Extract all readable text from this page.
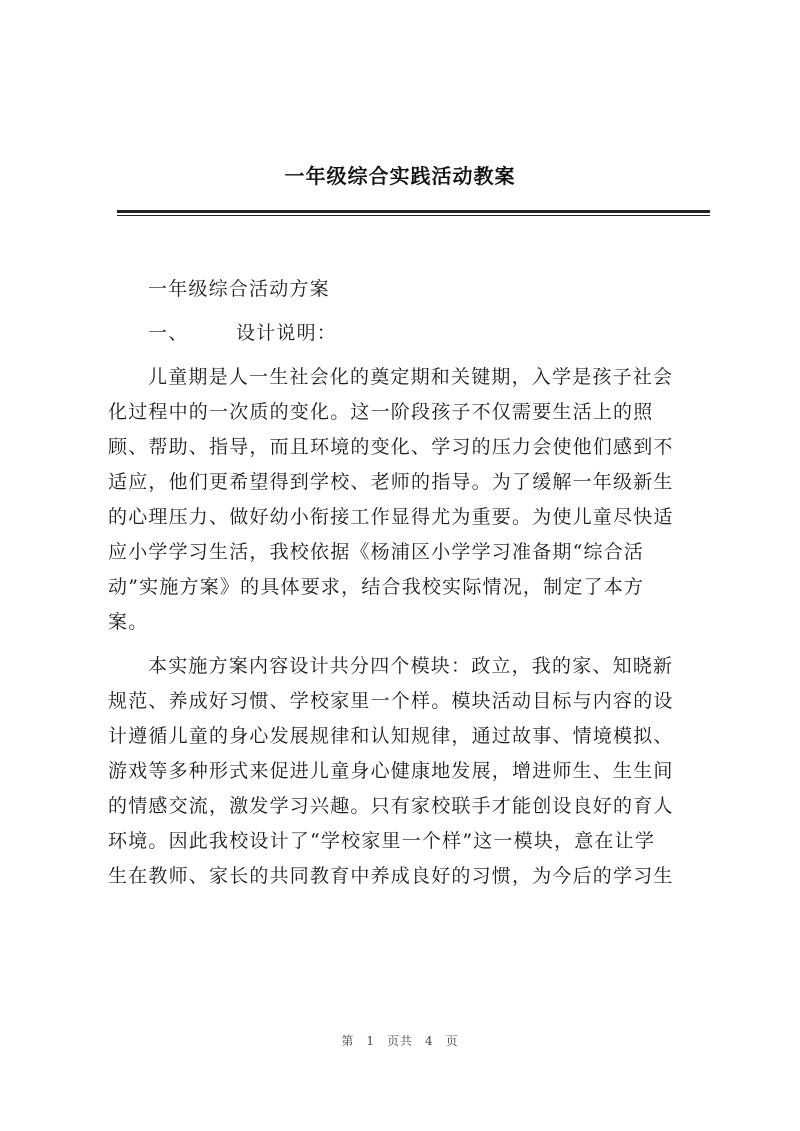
一年级综合实践活动教案
一年级综合活动方案
一、	设计说明：
儿童期是人一生社会化的奠定期和关键期，入学是孩子社会
化过程中的一次质的变化。这一阶段孩子不仅需要生活上的照
顾、帮助、指导，而且环境的变化、学习的压力会使他们感到不
适应，他们更希望得到学校、老师的指导。为了缓解一年级新生
的心理压力、做好幼小衔接工作显得尤为重要。为使儿童尽快适
应小学学习生活，我校依据《杨浦区小学学习准备期“综合活
动”实施方案》的具体要求，结合我校实际情况，制定了本方
案。
本实施方案内容设计共分四个模块：政立，我的家、知晓新
规范、养成好习惯、学校家里一个样。模块活动目标与内容的设
计遵循儿童的身心发展规律和认知规律，通过故事、情境模拟、
游戏等多种形式来促进儿童身心健康地发展，增进师生、生生间
的情感交流，激发学习兴趣。只有家校联手才能创设良好的育人
环境。因此我校设计了“学校家里一个样”这一模块，意在让学
生在教师、家长的共同教育中养成良好的习惯，为今后的学习生
第 1 页共 4 页
